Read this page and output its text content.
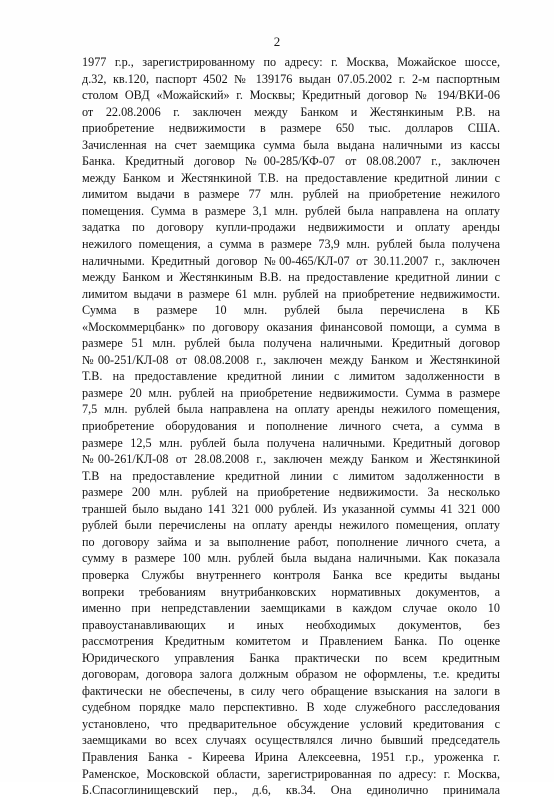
2
1977 г.р., зарегистрированному по адресу: г. Москва, Можайское шоссе,
д.32, кв.120, паспорт 4502 № 139176 выдан 07.05.2002 г. 2-м паспортным
столом ОВД «Можайский» г. Москвы; Кредитный договор № 194/ВКИ-06
от 22.08.2006 г. заключен между Банком и Жестянкиным Р.В. на
приобретение недвижимости в размере 650 тыс. долларов США.
Зачисленная на счет заемщика сумма была выдана наличными из кассы
Банка. Кредитный договор №00-285/КФ-07 от 08.08.2007 г., заключен
между Банком и Жестянкиной Т.В. на предоставление кредитной линии с
лимитом выдачи в размере 77 млн. рублей на приобретение нежилого
помещения. Сумма в размере 3,1 млн. рублей была направлена на оплату
задатка по договору купли-продажи недвижимости и оплату аренды
нежилого помещения, а сумма в размере 73,9 млн. рублей была получена
наличными. Кредитный договор №00-465/КЛ-07 от 30.11.2007 г., заключен
между Банком и Жестянкиным В.В. на предоставление кредитной линии с
лимитом выдачи в размере 61 млн. рублей на приобретение недвижимости.
Сумма в размере 10 млн. рублей была перечислена в КБ
«Москоммерцбанк» по договору оказания финансовой помощи, а сумма в
размере 51 млн. рублей была получена наличными. Кредитный договор
№00-251/КЛ-08 от 08.08.2008 г., заключен между Банком и Жестянкиной
Т.В. на предоставление кредитной линии с лимитом задолженности в
размере 20 млн. рублей на приобретение недвижимости. Сумма в размере
7,5 млн. рублей была направлена на оплату аренды нежилого помещения,
приобретение оборудования и пополнение личного счета, а сумма в
размере 12,5 млн. рублей была получена наличными. Кредитный договор
№00-261/КЛ-08 от 28.08.2008 г., заключен между Банком и Жестянкиной
Т.В на предоставление кредитной линии с лимитом задолженности в
размере 200 млн. рублей на приобретение недвижимости. За несколько
траншей было выдано 141 321 000 рублей. Из указанной суммы 41 321 000
рублей были перечислены на оплату аренды нежилого помещения, оплату
по договору займа и за выполнение работ, пополнение личного счета, а
сумму в размере 100 млн. рублей была выдана наличными. Как показала
проверка Службы внутреннего контроля Банка все кредиты выданы
вопреки требованиям внутрибанковских нормативных документов, а
именно при непредставлении заемщиками в каждом случае около 10
правоустанавливающих и иных необходимых документов, без
рассмотрения Кредитным комитетом и Правлением Банка. По оценке
Юридического управления Банка практически по всем кредитным
договорам, договора залога должным образом не оформлены, т.е. кредиты
фактически не обеспечены, в силу чего обращение взыскания на залоги в
судебном порядке мало перспективно. В ходе служебного расследования
установлено, что предварительное обсуждение условий кредитования с
заемщиками во всех случаях осуществлялся лично бывший председатель
Правления Банка - Киреева Ирина Алексеевна, 1951 г.р., уроженка г.
Раменское, Московской области, зарегистрированная по адресу: г. Москва,
Б.Спасоглинищевский пер., д.6, кв.34. Она единолично принимала
